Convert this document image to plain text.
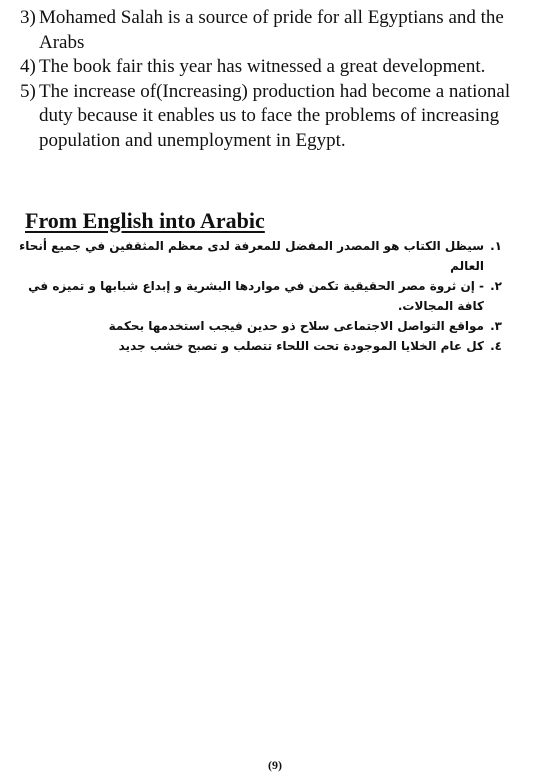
3) Mohamed Salah is a source of pride for all Egyptians and the Arabs
4) The book fair this year has witnessed a great development.
5) The increase of(Increasing) production had become a national    duty because it enables us to face the problems of increasing   population and unemployment in Egypt.
From English into Arabic
١.
سيظل الكتاب هو المصدر المفضل للمعرفة لدى معظم المثقفين في جميع أنحاء العالم
٢.
- إن ثروة مصر الحقيقية تكمن في مواردها البشرية و إبداع شبابها و تميزه في كافة المجالات.
٣.
مواقع التواصل الاجتماعى سلاح ذو حدين فيجب استخدمها بحكمة
٤.
كل عام الخلايا الموجودة تحت اللحاء تتصلب و تصبح خشب جديد
(9)
